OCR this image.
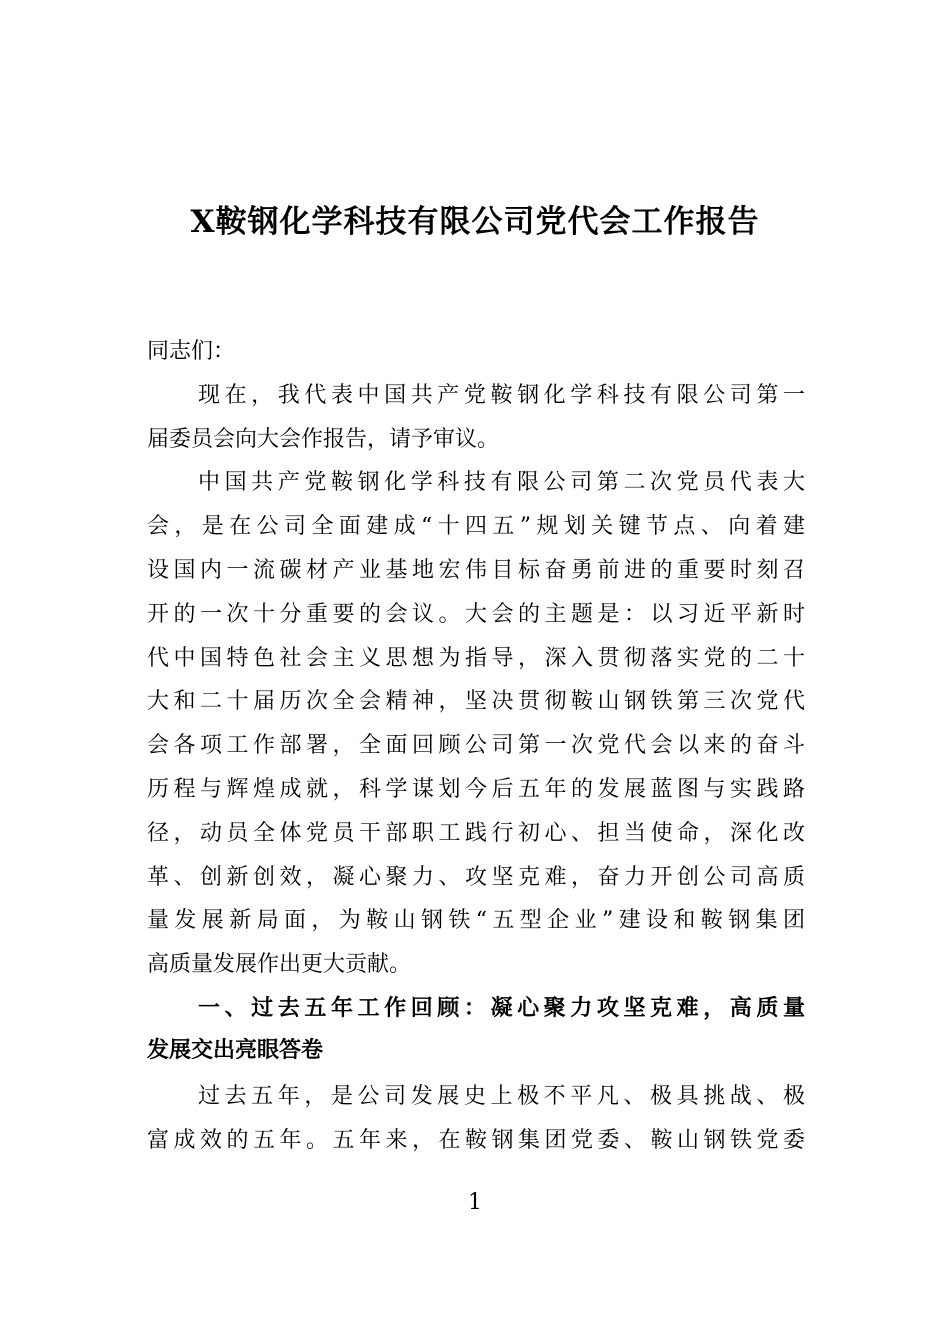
X鞍钢化学科技有限公司党代会工作报告
同志们：
现在，我代表中国共产党鞍钢化学科技有限公司第一
届委员会向大会作报告，请予审议。
中国共产党鞍钢化学科技有限公司第二次党员代表大
会，是在公司全面建成“十四五”规划关键节点、向着建
设国内一流碳材产业基地宏伟目标奋勇前进的重要时刻召
开的一次十分重要的会议。大会的主题是：以习近平新时
代中国特色社会主义思想为指导，深入贯彻落实党的二十
大和二十届历次全会精神，坚决贯彻鞍山钢铁第三次党代
会各项工作部署，全面回顾公司第一次党代会以来的奋斗
历程与辉煌成就，科学谋划今后五年的发展蓝图与实践路
径，动员全体党员干部职工践行初心、担当使命，深化改
革、创新创效，凝心聚力、攻坚克难，奋力开创公司高质
量发展新局面，为鞍山钢铁“五型企业”建设和鞍钢集团
高质量发展作出更大贡献。
一、过去五年工作回顾：凝心聚力攻坚克难，高质量
发展交出亮眼答卷
过去五年，是公司发展史上极不平凡、极具挑战、极
富成效的五年。五年来，在鞍钢集团党委、鞍山钢铁党委
1
